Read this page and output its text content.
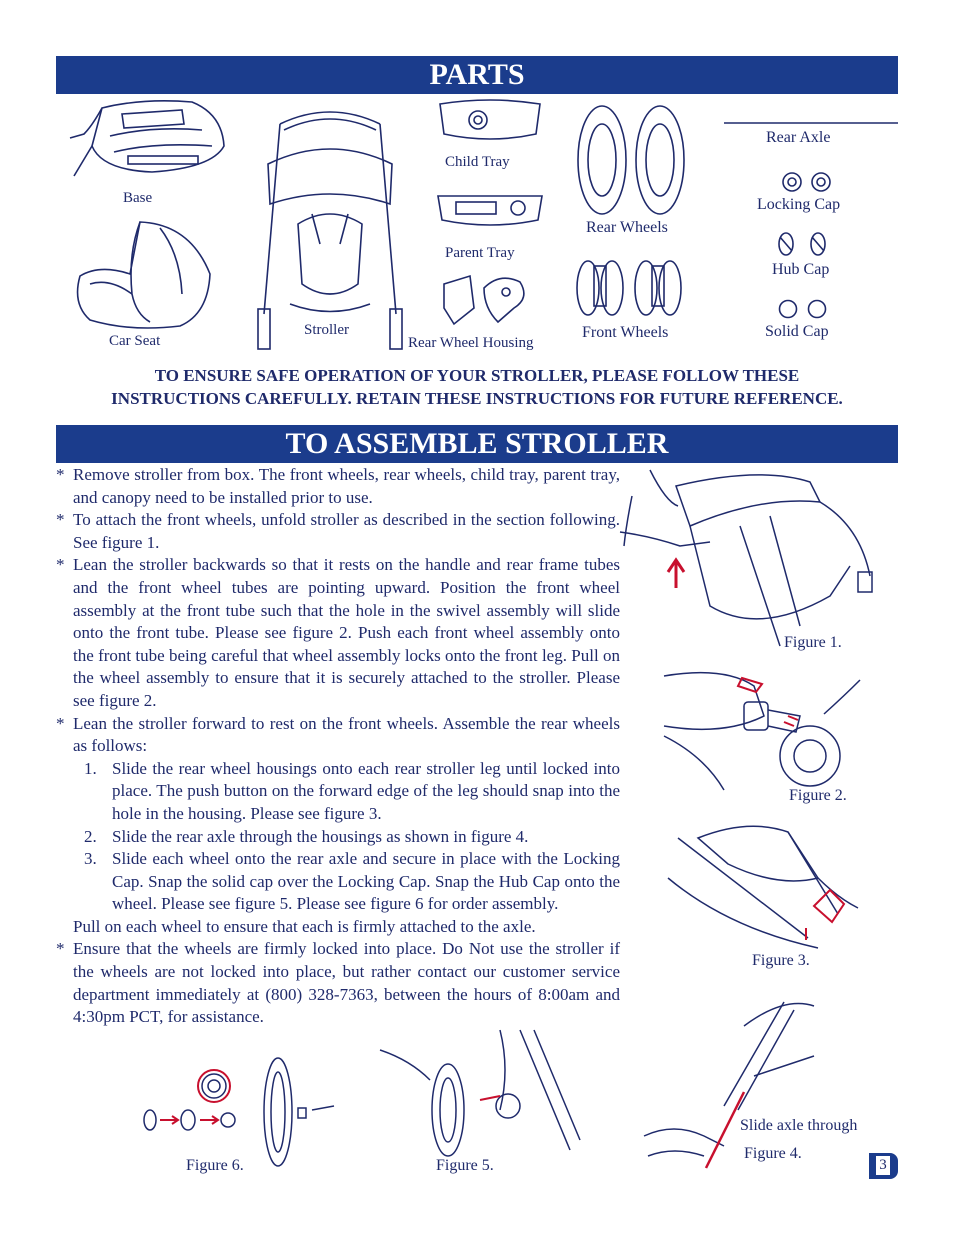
PARTS
Base
Car Seat
Stroller
Child Tray
Parent Tray
Rear Wheel Housing
Rear Wheels
Front Wheels
Rear Axle
Locking Cap
Hub Cap
Solid Cap
TO ENSURE SAFE OPERATION OF YOUR STROLLER, PLEASE FOLLOW THESE
INSTRUCTIONS CAREFULLY. RETAIN THESE INSTRUCTIONS FOR FUTURE REFERENCE.
TO ASSEMBLE STROLLER
* Remove stroller from box. The front wheels, rear wheels, child tray, parent tray, and canopy need to be installed prior to use.
* To attach the front wheels, unfold stroller as described in the section following. See figure 1.
* Lean the stroller backwards so that it rests on the handle and rear frame tubes and the front wheel tubes are pointing upward. Position the front wheel assembly at the front tube such that the hole in the swivel assembly will slide onto the front tube. Please see figure 2. Push each front wheel assembly onto the front tube being careful that wheel assembly locks onto the front leg. Pull on the wheel assembly to ensure that it is securely attached to the stroller. Please see figure 2.
* Lean the stroller forward to rest on the front wheels. Assemble the rear wheels as follows:
1. Slide the rear wheel housings onto each rear stroller leg until locked into place. The push button on the forward edge of the leg should snap into the hole in the housing. Please see figure 3.
2. Slide the rear axle through the housings as shown in figure 4.
3. Slide each wheel onto the rear axle and secure in place with the Locking Cap. Snap the solid cap over the Locking Cap. Snap the Hub Cap onto the wheel. Please see figure 5. Please see figure 6 for order assembly.
Pull on each wheel to ensure that each is firmly attached to the axle.
* Ensure that the wheels are firmly locked into place. Do Not use the stroller if the wheels are not locked into place, but rather contact our customer service department immediately at (800) 328-7363, between the hours of 8:00am and 4:30pm PCT, for assistance.
Figure 1.
Figure 2.
Figure 3.
Slide axle through
Figure 4.
Figure 6.	Figure 5.	3
